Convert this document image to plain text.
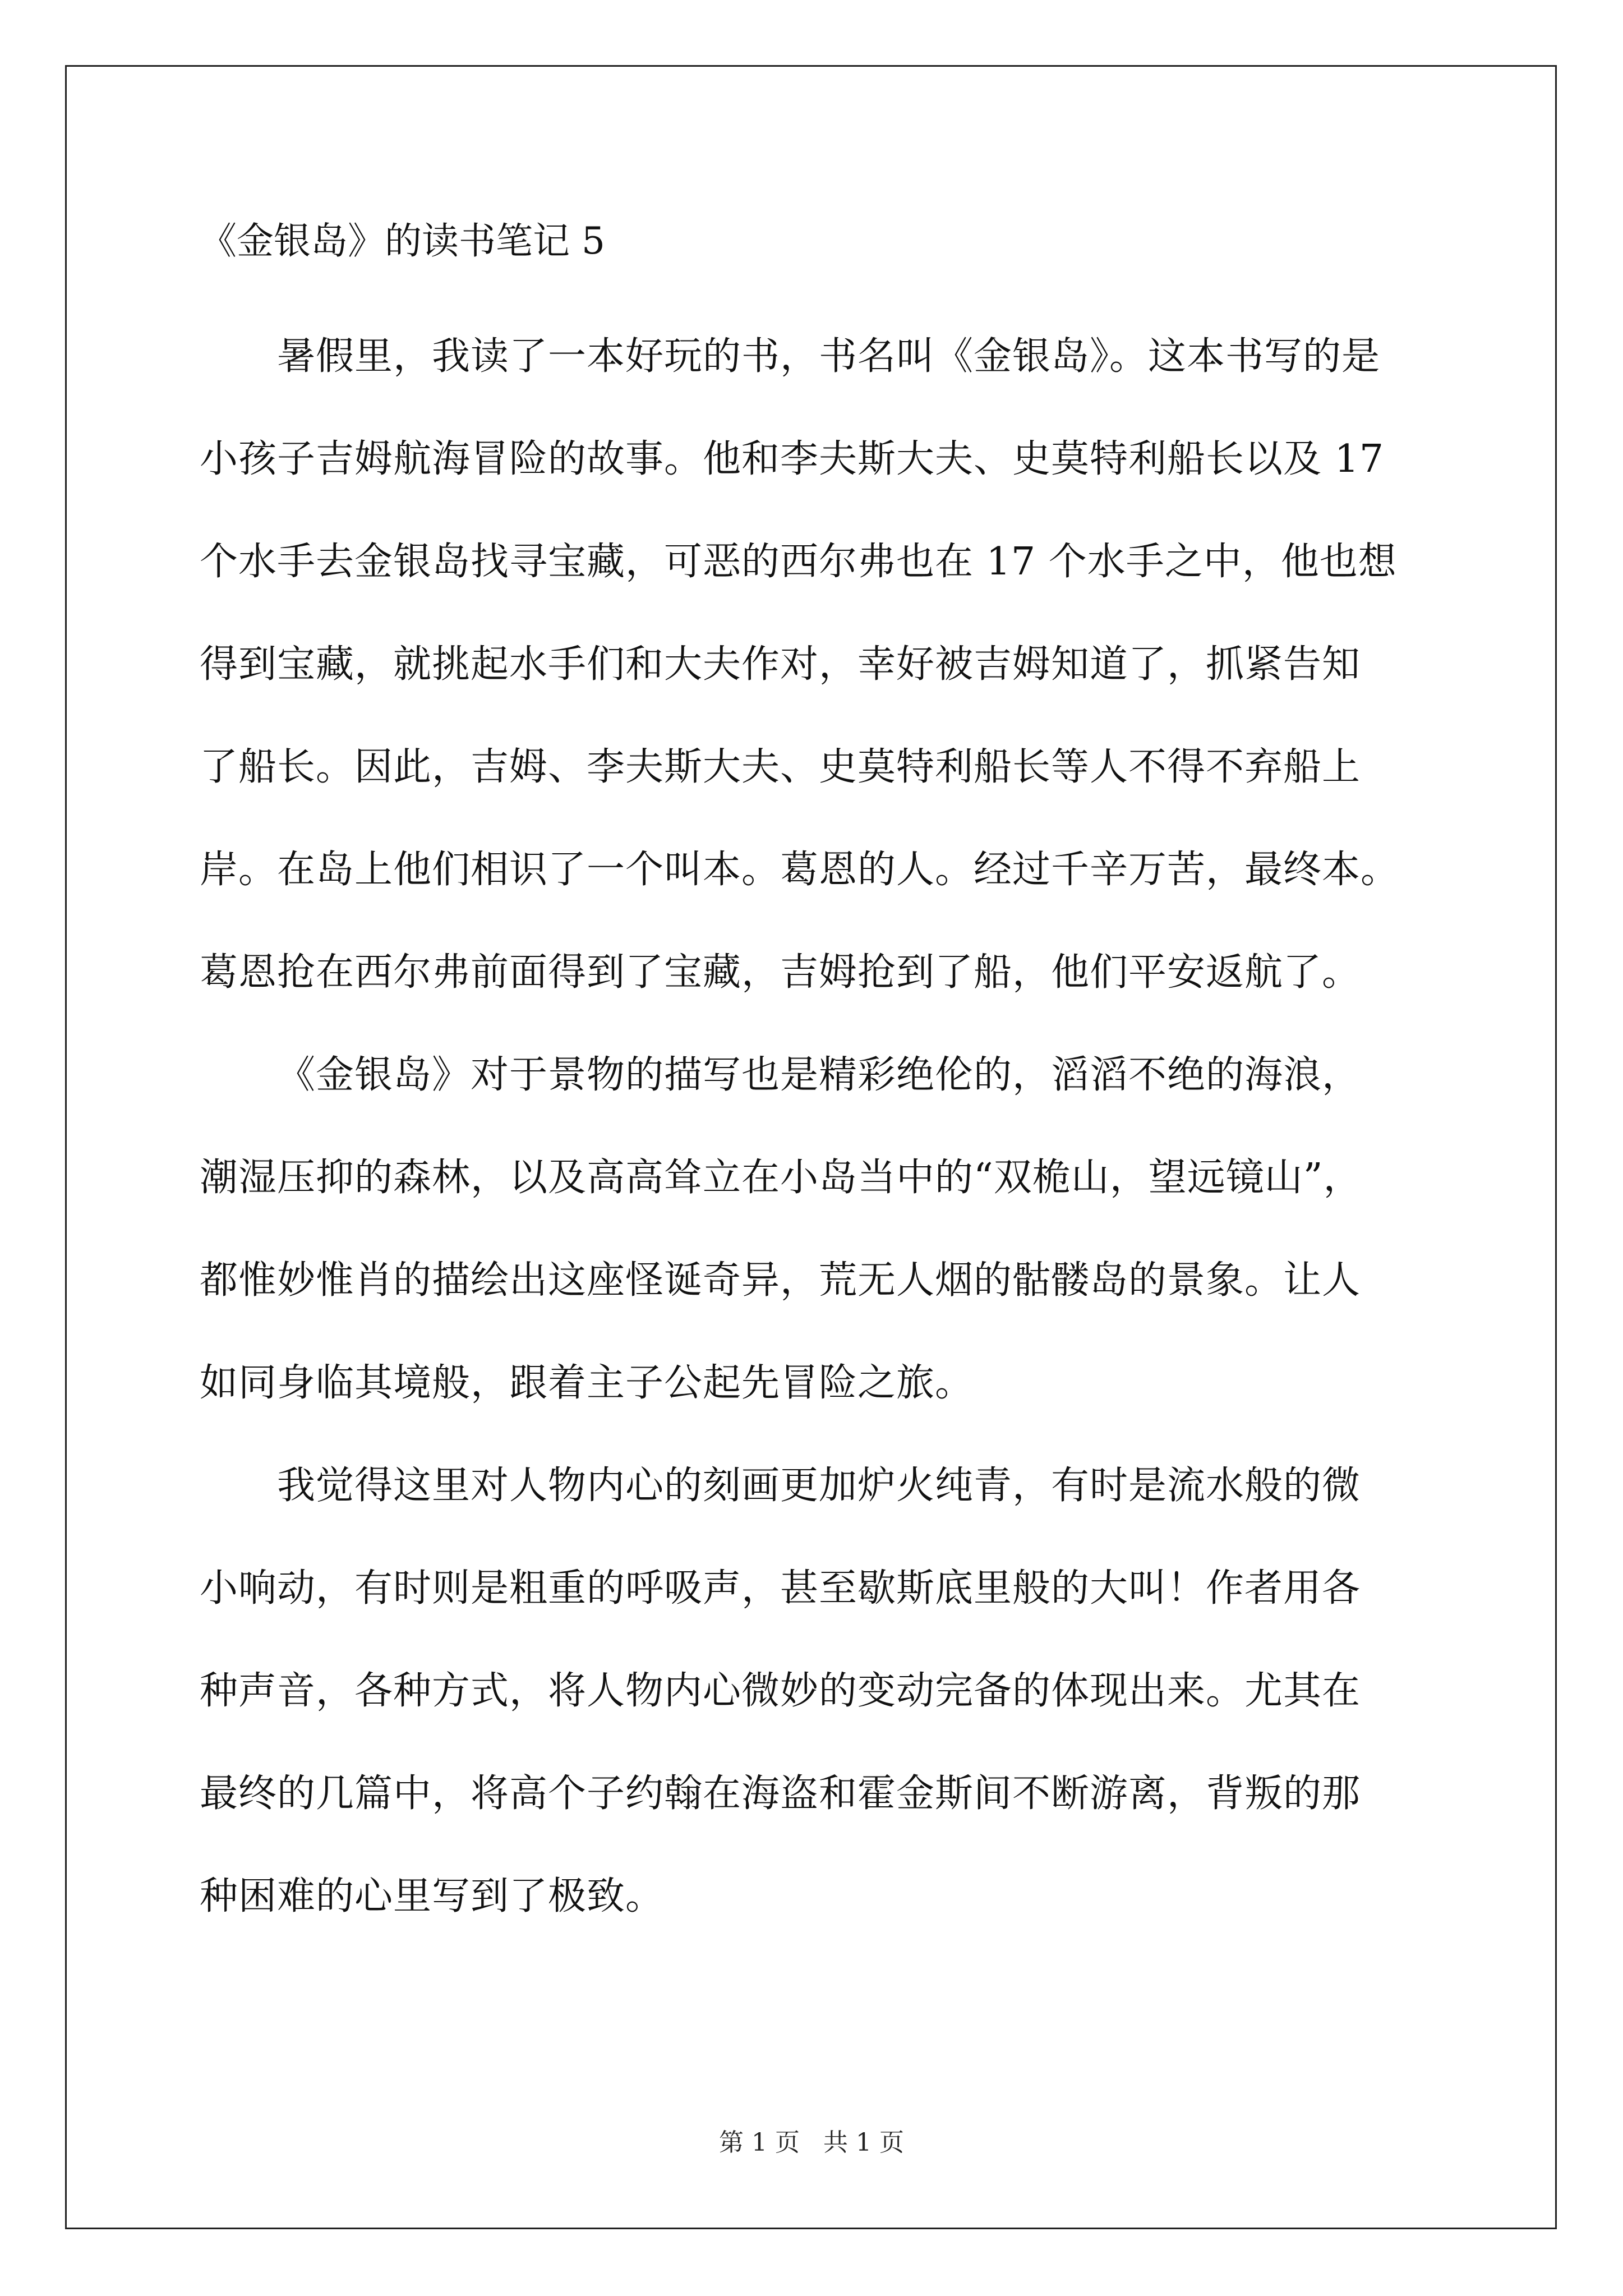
《金银岛》的读书笔记 5

暑假里，我读了一本好玩的书，书名叫《金银岛》。这本书写的是
小孩子吉姆航海冒险的故事。他和李夫斯大夫、史莫特利船长以及 17
个水手去金银岛找寻宝藏，可恶的西尔弗也在 17 个水手之中，他也想
得到宝藏，就挑起水手们和大夫作对，幸好被吉姆知道了，抓紧告知
了船长。因此，吉姆、李夫斯大夫、史莫特利船长等人不得不弃船上
岸。在岛上他们相识了一个叫本。葛恩的人。经过千辛万苦，最终本。
葛恩抢在西尔弗前面得到了宝藏，吉姆抢到了船，他们平安返航了。

《金银岛》对于景物的描写也是精彩绝伦的，滔滔不绝的海浪，
潮湿压抑的森林，以及高高耸立在小岛当中的“双桅山，望远镜山”，
都惟妙惟肖的描绘出这座怪诞奇异，荒无人烟的骷髅岛的景象。让人
如同身临其境般，跟着主子公起先冒险之旅。

我觉得这里对人物内心的刻画更加炉火纯青，有时是流水般的微
小响动，有时则是粗重的呼吸声，甚至歇斯底里般的大叫！作者用各
种声音，各种方式，将人物内心微妙的变动完备的体现出来。尤其在
最终的几篇中，将高个子约翰在海盗和霍金斯间不断游离，背叛的那
种困难的心里写到了极致。

第 1 页 共 1 页
